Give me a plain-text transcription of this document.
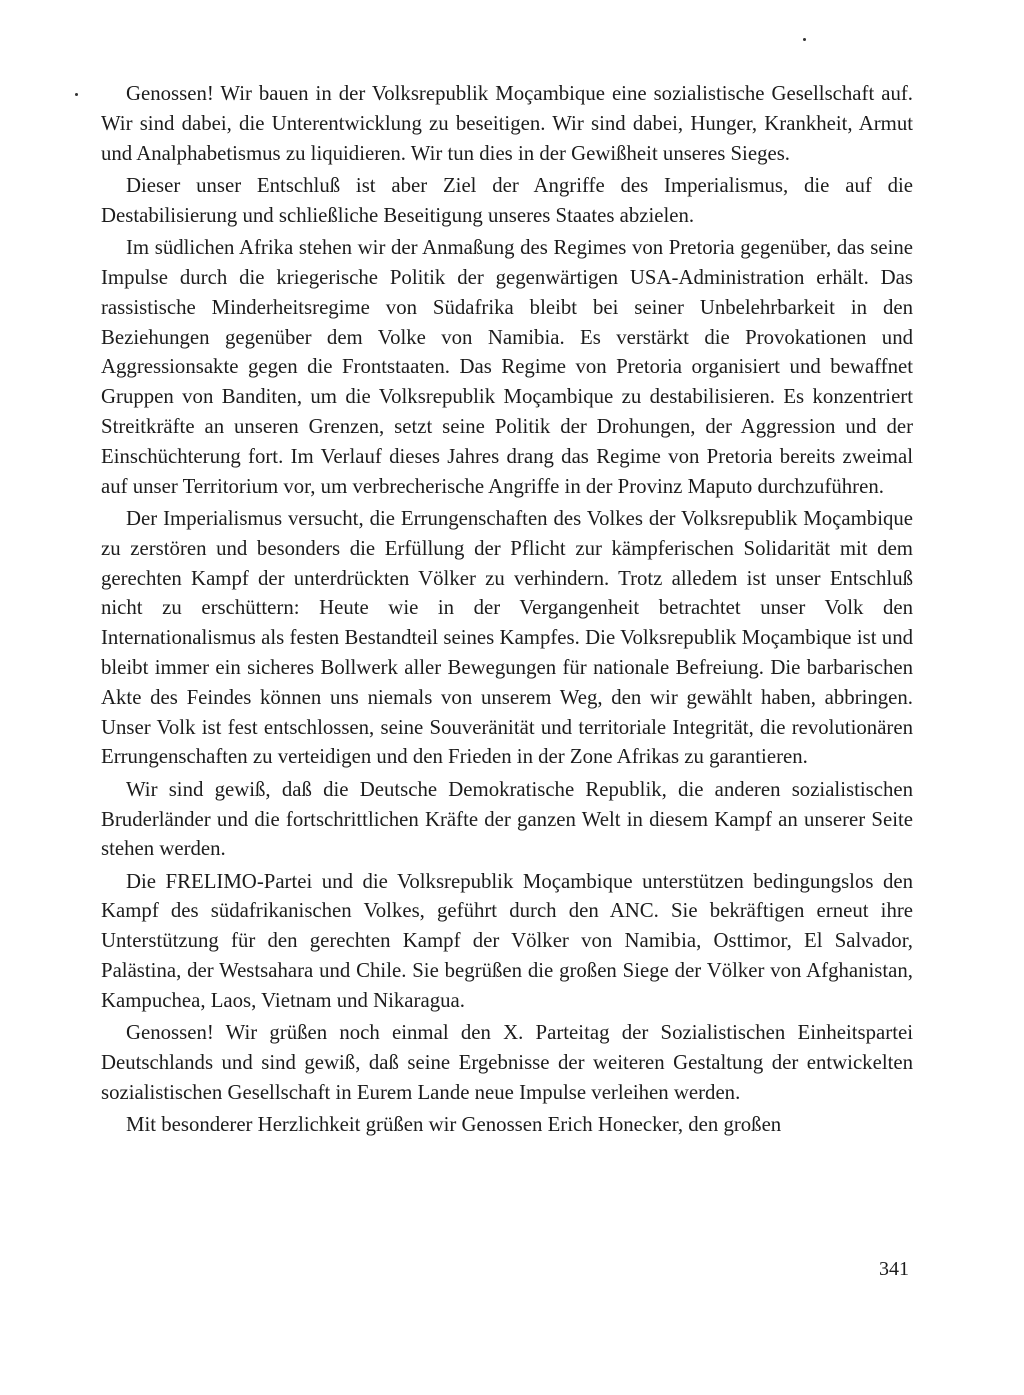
Genossen! Wir bauen in der Volksrepublik Moçambique eine sozialistische Gesellschaft auf. Wir sind dabei, die Unterentwicklung zu beseitigen. Wir sind dabei, Hunger, Krankheit, Armut und Analphabetismus zu liquidieren. Wir tun dies in der Gewißheit unseres Sieges.

Dieser unser Entschluß ist aber Ziel der Angriffe des Imperialismus, die auf die Destabilisierung und schließliche Beseitigung unseres Staates abzielen.

Im südlichen Afrika stehen wir der Anmaßung des Regimes von Pretoria gegenüber, das seine Impulse durch die kriegerische Politik der gegenwärtigen USA-Administration erhält. Das rassistische Minderheitsregime von Südafrika bleibt bei seiner Unbelehrbarkeit in den Beziehungen gegenüber dem Volke von Namibia. Es verstärkt die Provokationen und Aggressionsakte gegen die Frontstaaten. Das Regime von Pretoria organisiert und bewaffnet Gruppen von Banditen, um die Volksrepublik Moçambique zu destabilisieren. Es konzentriert Streitkräfte an unseren Grenzen, setzt seine Politik der Drohungen, der Aggression und der Einschüchterung fort. Im Verlauf dieses Jahres drang das Regime von Pretoria bereits zweimal auf unser Territorium vor, um verbrecherische Angriffe in der Provinz Maputo durchzuführen.

Der Imperialismus versucht, die Errungenschaften des Volkes der Volksrepublik Moçambique zu zerstören und besonders die Erfüllung der Pflicht zur kämpferischen Solidarität mit dem gerechten Kampf der unterdrückten Völker zu verhindern. Trotz alledem ist unser Entschluß nicht zu erschüttern: Heute wie in der Vergangenheit betrachtet unser Volk den Internationalismus als festen Bestandteil seines Kampfes. Die Volksrepublik Moçambique ist und bleibt immer ein sicheres Bollwerk aller Bewegungen für nationale Befreiung. Die barbarischen Akte des Feindes können uns niemals von unserem Weg, den wir gewählt haben, abbringen. Unser Volk ist fest entschlossen, seine Souveränität und territoriale Integrität, die revolutionären Errungenschaften zu verteidigen und den Frieden in der Zone Afrikas zu garantieren.

Wir sind gewiß, daß die Deutsche Demokratische Republik, die anderen sozialistischen Bruderländer und die fortschrittlichen Kräfte der ganzen Welt in diesem Kampf an unserer Seite stehen werden.

Die FRELIMO-Partei und die Volksrepublik Moçambique unterstützen bedingungslos den Kampf des südafrikanischen Volkes, geführt durch den ANC. Sie bekräftigen erneut ihre Unterstützung für den gerechten Kampf der Völker von Namibia, Osttimor, El Salvador, Palästina, der Westsahara und Chile. Sie begrüßen die großen Siege der Völker von Afghanistan, Kampuchea, Laos, Vietnam und Nikaragua.

Genossen! Wir grüßen noch einmal den X. Parteitag der Sozialistischen Einheitspartei Deutschlands und sind gewiß, daß seine Ergebnisse der weiteren Gestaltung der entwickelten sozialistischen Gesellschaft in Eurem Lande neue Impulse verleihen werden.

Mit besonderer Herzlichkeit grüßen wir Genossen Erich Honecker, den großen

341
